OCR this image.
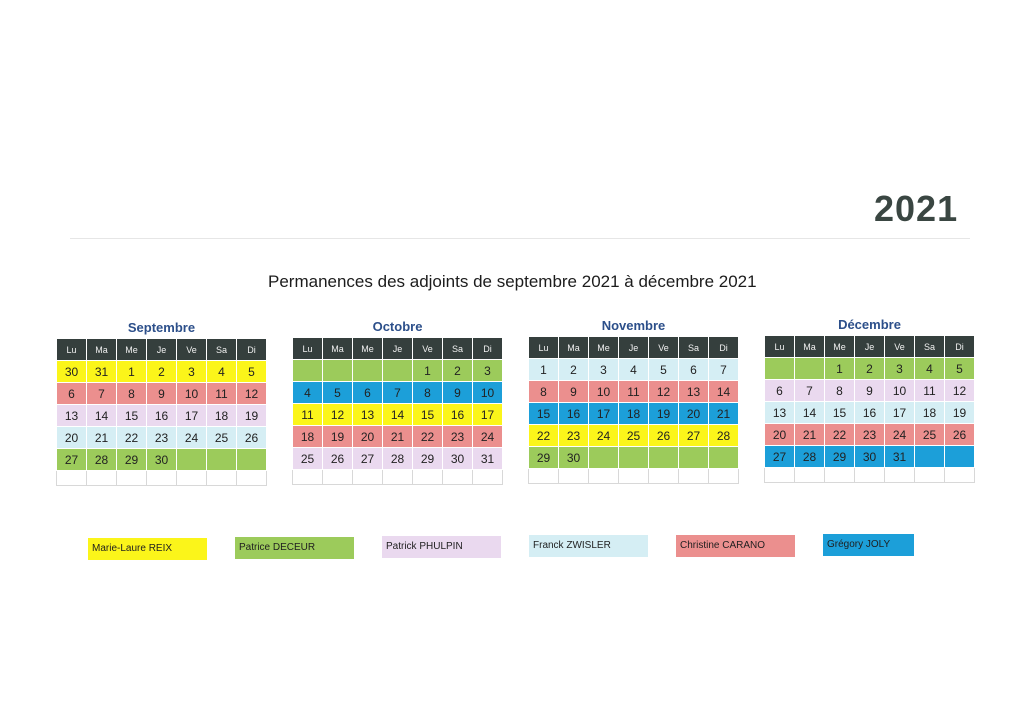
2021
Permanences des adjoints de septembre 2021 à décembre 2021
Septembre
Lu	Ma	Me	Je	Ve	Sa	Di
30	31	1	2	3	4	5
6	7	8	9	10	11	12
13	14	15	16	17	18	19
20	21	22	23	24	25	26
27	28	29	30			

Octobre
Lu	Ma	Me	Je	Ve	Sa	Di
				1	2	3
4	5	6	7	8	9	10
11	12	13	14	15	16	17
18	19	20	21	22	23	24
25	26	27	28	29	30	31

Novembre
Lu	Ma	Me	Je	Ve	Sa	Di
1	2	3	4	5	6	7
8	9	10	11	12	13	14
15	16	17	18	19	20	21
22	23	24	25	26	27	28
29	30					

Décembre
Lu	Ma	Me	Je	Ve	Sa	Di
		1	2	3	4	5
6	7	8	9	10	11	12
13	14	15	16	17	18	19
20	21	22	23	24	25	26
27	28	29	30	31		

Marie-Laure REIX	Patrice DECEUR	Patrick PHULPIN	Franck ZWISLER	Christine CARANO	Grégory JOLY
